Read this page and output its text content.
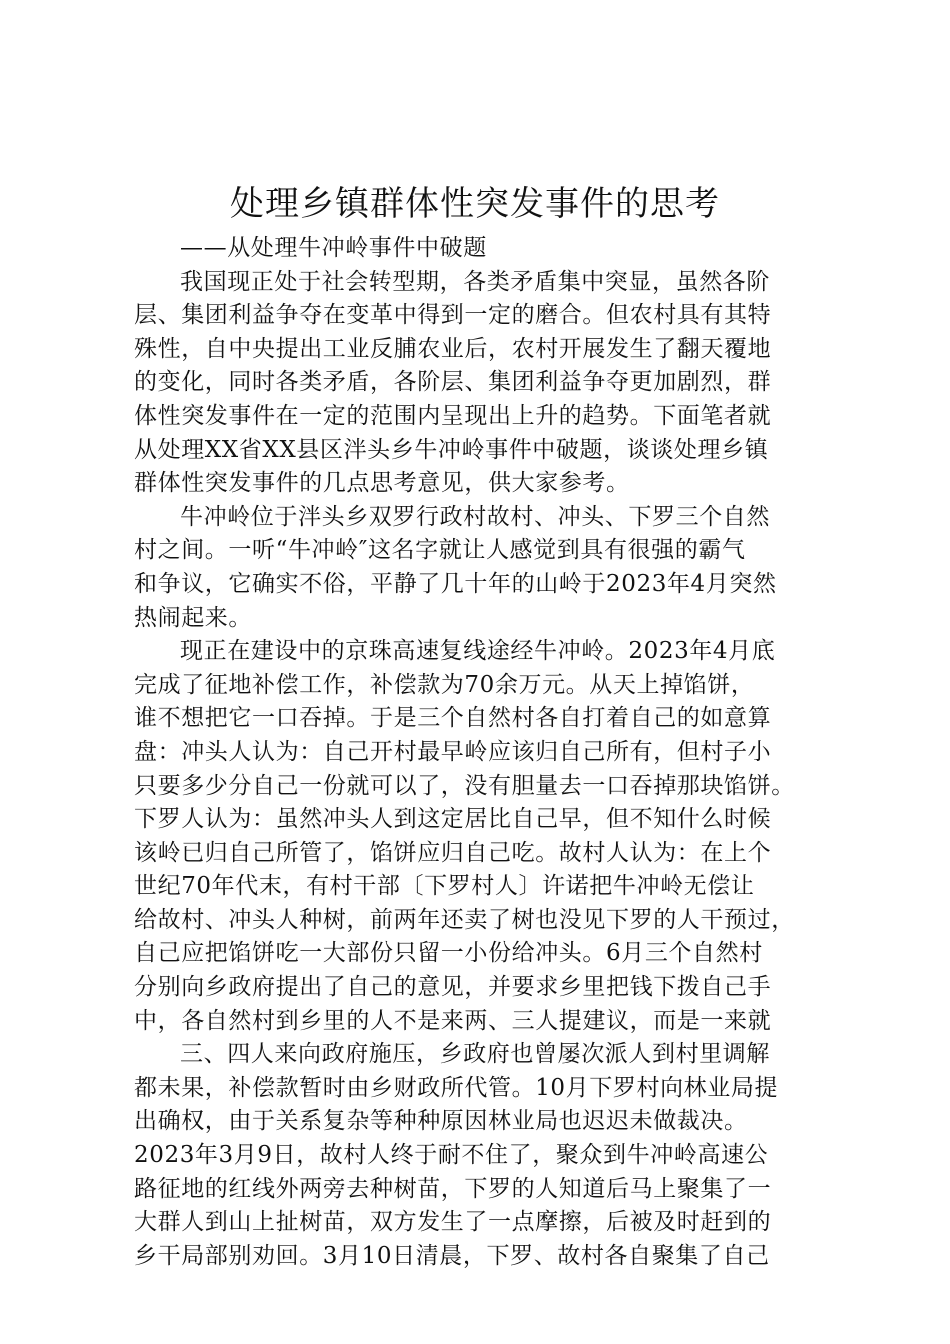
处理乡镇群体性突发事件的思考
——从处理牛冲岭事件中破题
我国现正处于社会转型期，各类矛盾集中突显，虽然各阶
层、集团利益争夺在变革中得到一定的磨合。但农村具有其特
殊性，自中央提出工业反脯农业后，农村开展发生了翻天覆地
的变化，同时各类矛盾，各阶层、集团利益争夺更加剧烈，群
体性突发事件在一定的范围内呈现出上升的趋势。下面笔者就
从处理XX省XX县区泮头乡牛冲岭事件中破题，谈谈处理乡镇
群体性突发事件的几点思考意见，供大家参考。
牛冲岭位于泮头乡双罗行政村故村、冲头、下罗三个自然
村之间。一听“牛冲岭″这名字就让人感觉到具有很强的霸气
和争议，它确实不俗，平静了几十年的山岭于2023年4月突然
热闹起来。
现正在建设中的京珠高速复线途经牛冲岭。2023年4月底
完成了征地补偿工作，补偿款为70余万元。从天上掉馅饼，
谁不想把它一口吞掉。于是三个自然村各自打着自己的如意算
盘：冲头人认为：自己开村最早岭应该归自己所有，但村子小
只要多少分自己一份就可以了，没有胆量去一口吞掉那块馅饼。
下罗人认为：虽然冲头人到这定居比自己早，但不知什么时候
该岭已归自己所管了，馅饼应归自己吃。故村人认为：在上个
世纪70年代末，有村干部〔下罗村人〕许诺把牛冲岭无偿让
给故村、冲头人种树，前两年还卖了树也没见下罗的人干预过，
自己应把馅饼吃一大部份只留一小份给冲头。6月三个自然村
分别向乡政府提出了自己的意见，并要求乡里把钱下拨自己手
中，各自然村到乡里的人不是来两、三人提建议，而是一来就
三、四人来向政府施压，乡政府也曾屡次派人到村里调解
都未果，补偿款暂时由乡财政所代管。10月下罗村向林业局提
出确权，由于关系复杂等种种原因林业局也迟迟未做裁决。
2023年3月9日，故村人终于耐不住了，聚众到牛冲岭高速公
路征地的红线外两旁去种树苗，下罗的人知道后马上聚集了一
大群人到山上扯树苗，双方发生了一点摩擦，后被及时赶到的
乡干局部别劝回。3月10日清晨，下罗、故村各自聚集了自己
